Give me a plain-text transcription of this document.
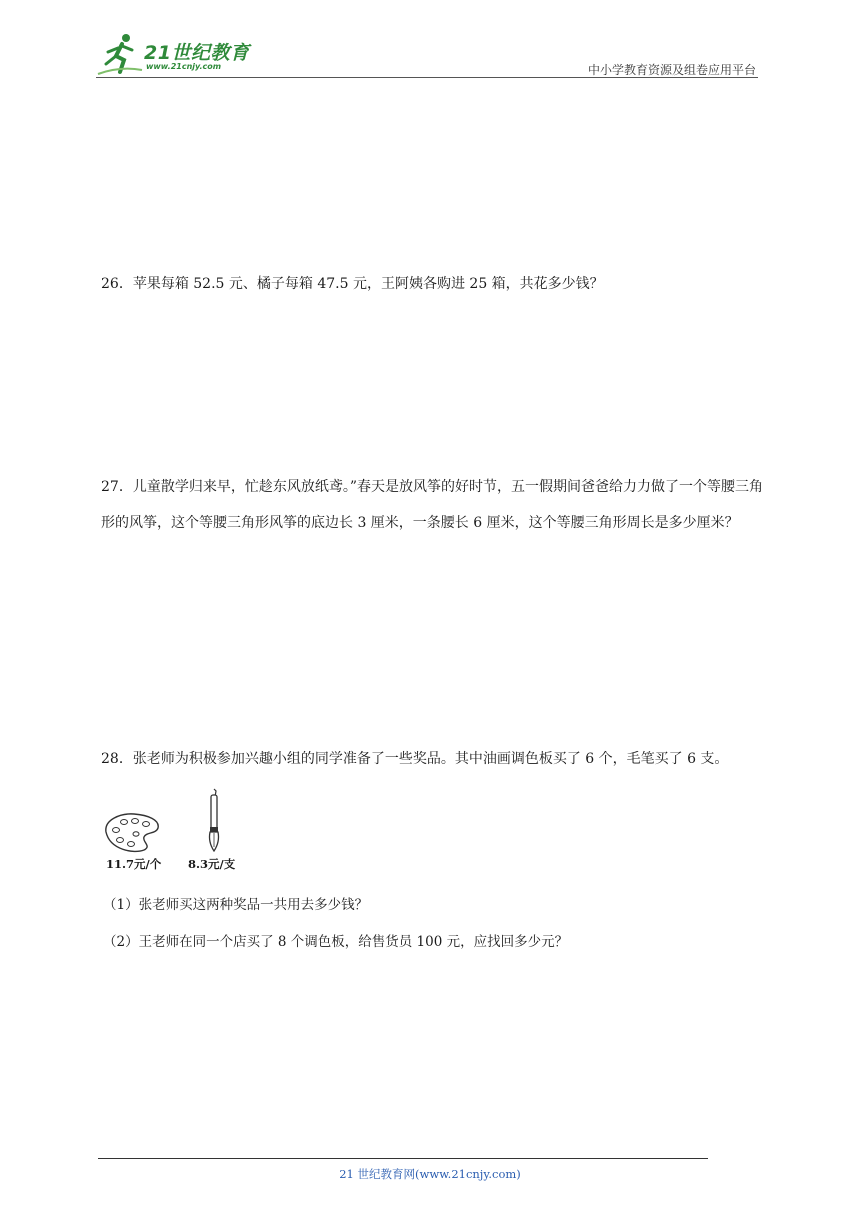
21世纪教育
www.21cnjy.com	中小学教育资源及组卷应用平台
26．苹果每箱 52.5 元、橘子每箱 47.5 元，王阿姨各购进 25 箱，共花多少钱？
27．儿童散学归来早，忙趁东风放纸鸢。”春天是放风筝的好时节，五一假期间爸爸给力力做了一个等腰三角形的风筝，这个等腰三角形风筝的底边长 3 厘米，一条腰长 6 厘米，这个等腰三角形周长是多少厘米？
28．张老师为积极参加兴趣小组的同学准备了一些奖品。其中油画调色板买了 6 个，毛笔买了 6 支。
11.7元/个 8.3元/支
（1）张老师买这两种奖品一共用去多少钱？
（2）王老师在同一个店买了 8 个调色板，给售货员 100 元，应找回多少元？
21 世纪教育网(www.21cnjy.com)
